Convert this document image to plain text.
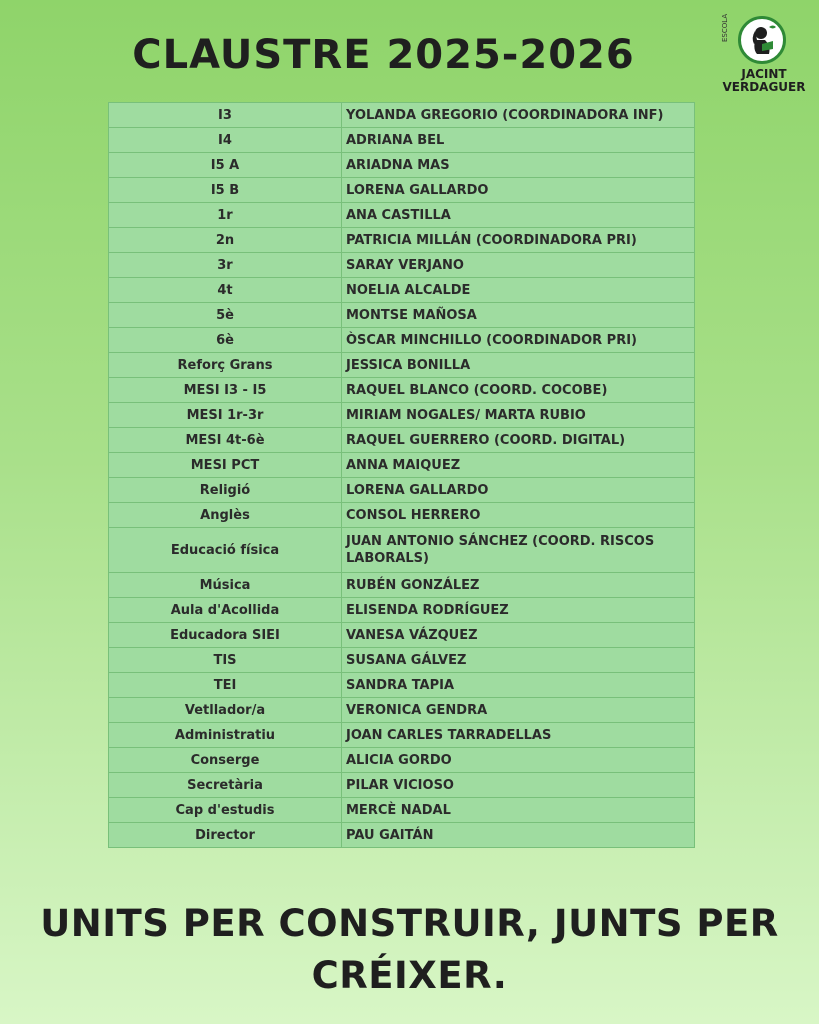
CLAUSTRE 2025-2026
ESCOLA
JACINT
VERDAGUER
I3	YOLANDA GREGORIO (COORDINADORA INF)
I4	ADRIANA BEL
I5 A	ARIADNA MAS
I5 B	LORENA GALLARDO
1r	ANA CASTILLA
2n	PATRICIA MILLÁN (COORDINADORA PRI)
3r	SARAY VERJANO
4t	NOELIA ALCALDE
5è	MONTSE MAÑOSA
6è	ÒSCAR MINCHILLO (COORDINADOR PRI)
Reforç Grans	JESSICA BONILLA
MESI I3 - I5	RAQUEL BLANCO (COORD. COCOBE)
MESI 1r-3r	MIRIAM NOGALES/ MARTA RUBIO
MESI 4t-6è	RAQUEL GUERRERO (COORD. DIGITAL)
MESI PCT	ANNA MAIQUEZ
Religió	LORENA GALLARDO
Anglès	CONSOL HERRERO
Educació física	JUAN ANTONIO SÁNCHEZ (COORD. RISCOS LABORALS)
Música	RUBÉN GONZÁLEZ
Aula d'Acollida	ELISENDA RODRÍGUEZ
Educadora SIEI	VANESA VÁZQUEZ
TIS	SUSANA GÁLVEZ
TEI	SANDRA TAPIA
Vetllador/a	VERONICA GENDRA
Administratiu	JOAN CARLES TARRADELLAS
Conserge	ALICIA GORDO
Secretària	PILAR VICIOSO
Cap d'estudis	MERCÈ NADAL
Director	PAU GAITÁN

UNITS PER CONSTRUIR, JUNTS PER CRÉIXER.
